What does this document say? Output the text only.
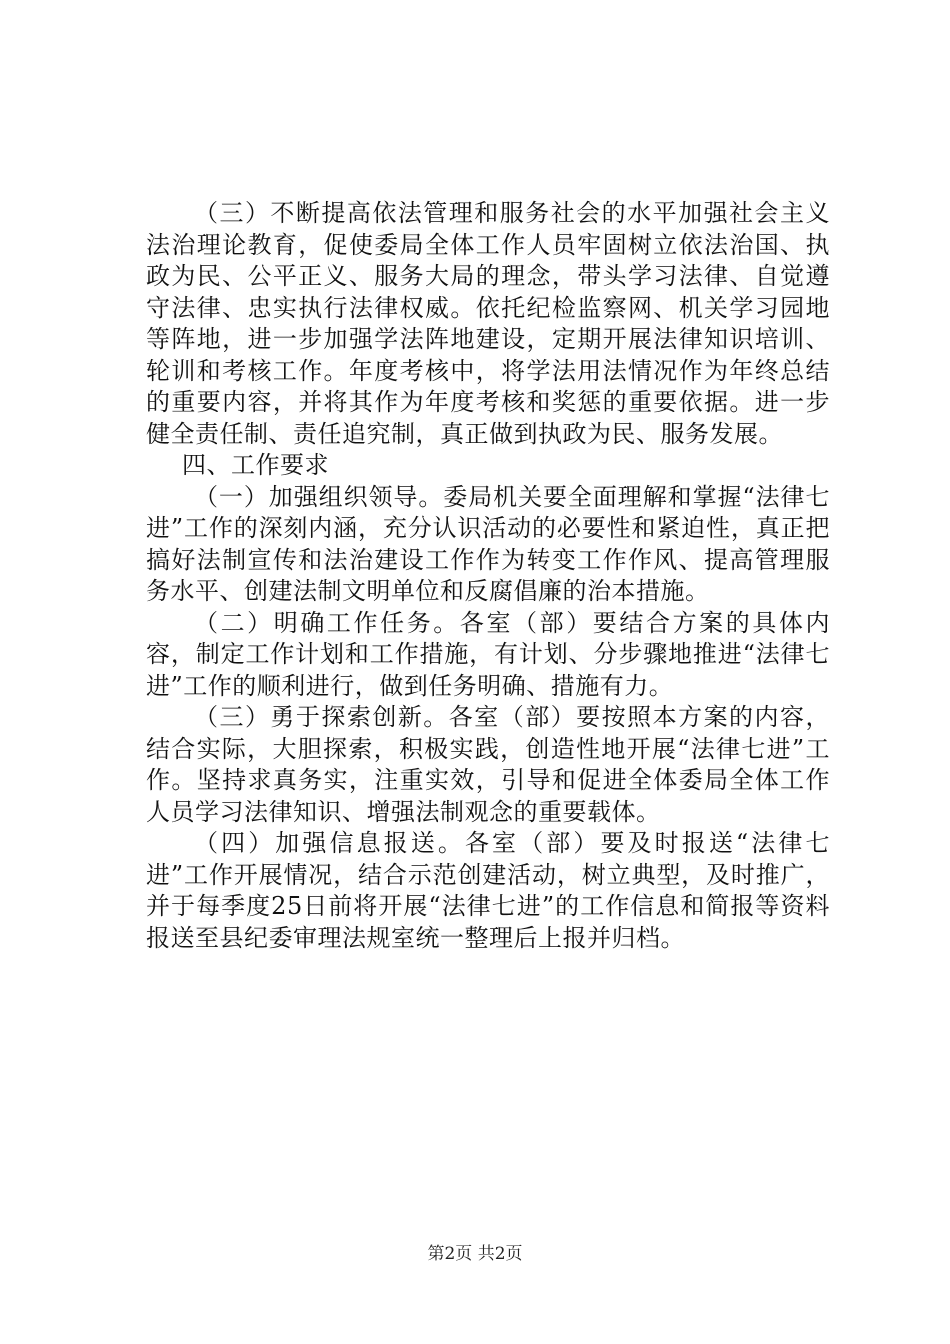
（三）不断提高依法管理和服务社会的水平加强社会主义法治理论教育，促使委局全体工作人员牢固树立依法治国、执政为民、公平正义、服务大局的理念，带头学习法律、自觉遵守法律、忠实执行法律权威。依托纪检监察网、机关学习园地等阵地，进一步加强学法阵地建设，定期开展法律知识培训、轮训和考核工作。年度考核中，将学法用法情况作为年终总结的重要内容，并将其作为年度考核和奖惩的重要依据。进一步健全责任制、责任追究制，真正做到执政为民、服务发展。

四、工作要求

（一）加强组织领导。委局机关要全面理解和掌握“法律七进”工作的深刻内涵，充分认识活动的必要性和紧迫性，真正把搞好法制宣传和法治建设工作作为转变工作作风、提高管理服务水平、创建法制文明单位和反腐倡廉的治本措施。

（二）明确工作任务。各室（部）要结合方案的具体内容，制定工作计划和工作措施，有计划、分步骤地推进“法律七进”工作的顺利进行，做到任务明确、措施有力。

（三）勇于探索创新。各室（部）要按照本方案的内容，结合实际，大胆探索，积极实践，创造性地开展“法律七进”工作。坚持求真务实，注重实效，引导和促进全体委局全体工作人员学习法律知识、增强法制观念的重要载体。

（四）加强信息报送。各室（部）要及时报送“法律七进”工作开展情况，结合示范创建活动，树立典型，及时推广，并于每季度25日前将开展“法律七进”的工作信息和简报等资料报送至县纪委审理法规室统一整理后上报并归档。

第2页 共2页
